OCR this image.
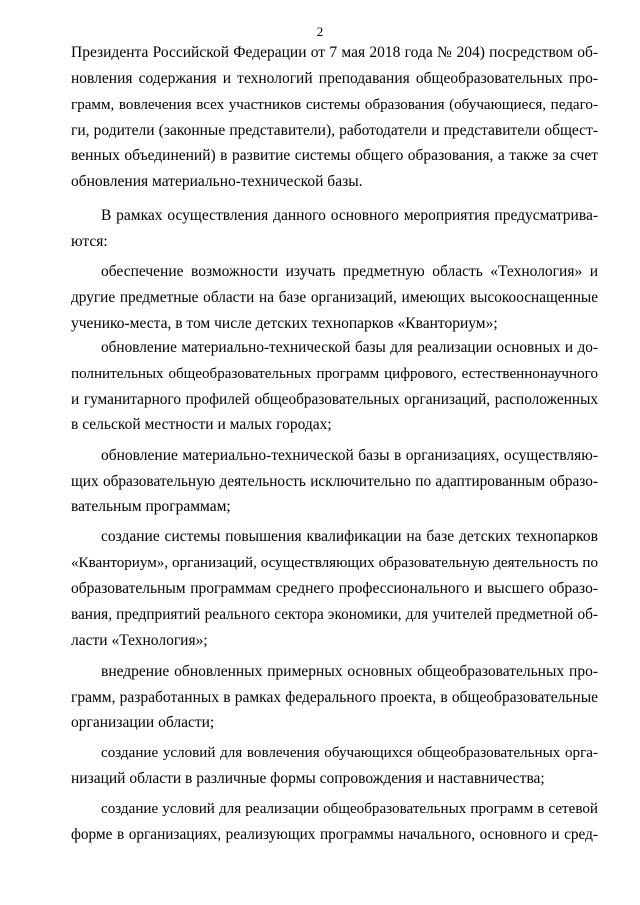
2
Президента Российской Федерации от 7 мая 2018 года № 204) посредством об-
новления содержания и технологий преподавания общеобразовательных про-
грамм, вовлечения всех участников системы образования (обучающиеся, педаго-
ги, родители (законные представители), работодатели и представители общест-
венных объединений) в развитие системы общего образования, а также за счет
обновления материально-технической базы.
В рамках осуществления данного основного мероприятия предусматрива-
ются:
обеспечение возможности изучать предметную область «Технология» и
другие предметные области на базе организаций, имеющих высокооснащенные
ученико-места, в том числе детских технопарков «Кванториум»;
обновление материально-технической базы для реализации основных и до-
полнительных общеобразовательных программ цифрового, естественнонаучного
и гуманитарного профилей общеобразовательных организаций, расположенных
в сельской местности и малых городах;
обновление материально-технической базы в организациях, осуществляю-
щих образовательную деятельность исключительно по адаптированным образо-
вательным программам;
создание системы повышения квалификации на базе детских технопарков
«Кванториум», организаций, осуществляющих образовательную деятельность по
образовательным программам среднего профессионального и высшего образо-
вания, предприятий реального сектора экономики, для учителей предметной об-
ласти «Технология»;
внедрение обновленных примерных основных общеобразовательных про-
грамм, разработанных в рамках федерального проекта, в общеобразовательные
организации области;
создание условий для вовлечения обучающихся общеобразовательных орга-
низаций области в различные формы сопровождения и наставничества;
создание условий для реализации общеобразовательных программ в сетевой
форме в организациях, реализующих программы начального, основного и сред-
